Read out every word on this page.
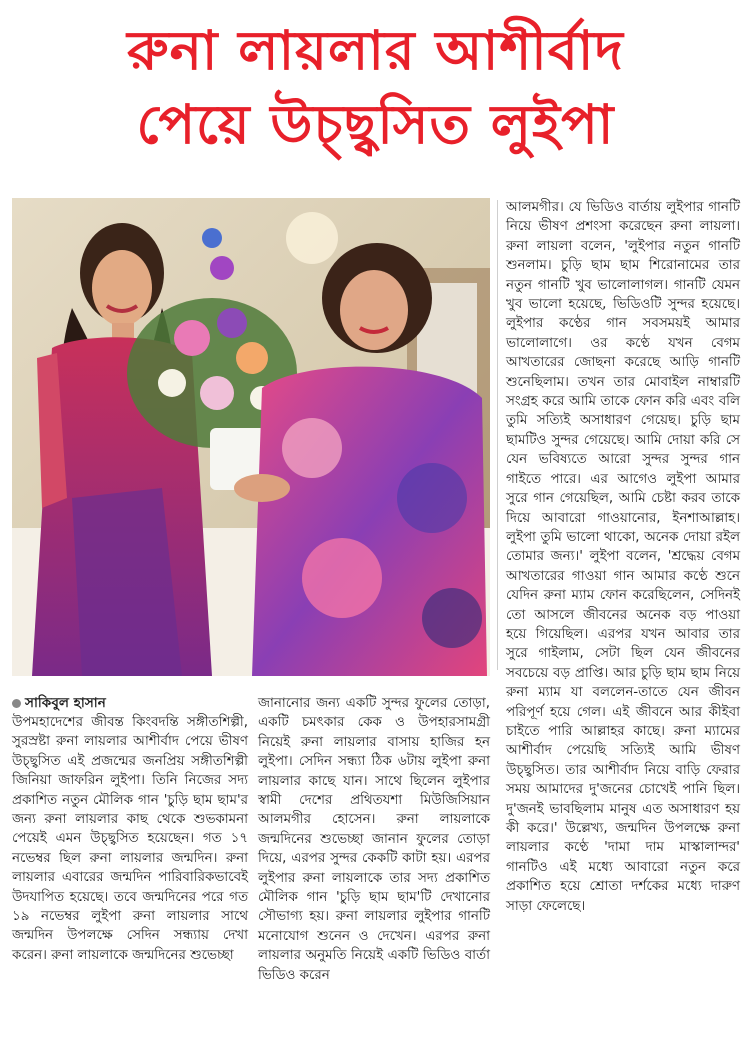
রুনা লায়লার আশীর্বাদ
পেয়ে উচ্ছ্বসিত লুইপা
সাকিবুল হাসান
উপমহাদেশের জীবন্ত কিংবদন্তি সঙ্গীতশিল্পী, সুরস্রষ্টা রুনা লায়লার আশীর্বাদ পেয়ে ভীষণ উচ্ছ্বসিত এই প্রজন্মের জনপ্রিয় সঙ্গীতশিল্পী জিনিয়া জাফরিন লুইপা। তিনি নিজের সদ্য প্রকাশিত নতুন মৌলিক গান 'চুড়ি ছাম ছাম'র জন্য রুনা লায়লার কাছ থেকে শুভকামনা পেয়েই এমন উচ্ছ্বসিত হয়েছেন। গত ১৭ নভেম্বর ছিল রুনা লায়লার জন্মদিন। রুনা লায়লার এবারের জন্মদিন পারিবারিকভাবেই উদযাপিত হয়েছে। তবে জন্মদিনের পরে গত ১৯ নভেম্বর লুইপা রুনা লায়লার সাথে জন্মদিন উপলক্ষে সেদিন সন্ধ্যায় দেখা করেন। রুনা লায়লাকে জন্মদিনের শুভেচ্ছা
জানানোর জন্য একটি সুন্দর ফুলের তোড়া, একটি চমৎকার কেক ও উপহারসামগ্রী নিয়েই রুনা লায়লার বাসায় হাজির হন লুইপা। সেদিন সন্ধ্যা ঠিক ৬টায় লুইপা রুনা লায়লার কাছে যান। সাথে ছিলেন লুইপার স্বামী দেশের প্রথিতযশা মিউজিসিয়ান আলমগীর হোসেন। রুনা লায়লাকে জন্মদিনের শুভেচ্ছা জানান ফুলের তোড়া দিয়ে, এরপর সুন্দর কেকটি কাটা হয়। এরপর লুইপার রুনা লায়লাকে তার সদ্য প্রকাশিত মৌলিক গান 'চুড়ি ছাম ছাম'টি দেখানোর সৌভাগ্য হয়। রুনা লায়লার লুইপার গানটি মনোযোগ শুনেন ও দেখেন। এরপর রুনা লায়লার অনুমতি নিয়েই একটি ভিডিও বার্তা ভিডিও করেন
আলমগীর। যে ভিডিও বার্তায় লুইপার গানটি নিয়ে ভীষণ প্রশংসা করেছেন রুনা লায়লা। রুনা লায়লা বলেন, 'লুইপার নতুন গানটি শুনলাম। চুড়ি ছাম ছাম শিরোনামের তার নতুন গানটি খুব ভালোলাগল। গানটি যেমন খুব ভালো হয়েছে, ভিডিওটি সুন্দর হয়েছে। লুইপার কণ্ঠের গান সবসময়ই আমার ভালোলাগে। ওর কণ্ঠে যখন বেগম আখতারের জোছনা করেছে আড়ি গানটি শুনেছিলাম। তখন তার মোবাইল নাম্বারটি সংগ্রহ করে আমি তাকে ফোন করি এবং বলি তুমি সত্যিই অসাধারণ গেয়েছ। চুড়ি ছাম ছামটিও সুন্দর গেয়েছে। আমি দোয়া করি সে যেন ভবিষ্যতে আরো সুন্দর সুন্দর গান গাইতে পারে। এর আগেও লুইপা আমার সুরে গান গেয়েছিল, আমি চেষ্টা করব তাকে দিয়ে আবারো গাওয়ানোর, ইনশাআল্লাহ। লুইপা তুমি ভালো থাকো, অনেক দোয়া রইল তোমার জন্য।' লুইপা বলেন, 'শ্রদ্ধেয় বেগম আখতারের গাওয়া গান আমার কণ্ঠে শুনে যেদিন রুনা ম্যাম ফোন করেছিলেন, সেদিনই তো আসলে জীবনের অনেক বড় পাওয়া হয়ে গিয়েছিল। এরপর যখন আবার তার সুরে গাইলাম, সেটা ছিল যেন জীবনের সবচেয়ে বড় প্রাপ্তি। আর চুড়ি ছাম ছাম নিয়ে রুনা ম্যাম যা বললেন-তাতে যেন জীবন পরিপূর্ণ হয়ে গেল। এই জীবনে আর কীইবা চাইতে পারি আল্লাহর কাছে। রুনা ম্যামের আশীর্বাদ পেয়েছি সত্যিই আমি ভীষণ উচ্ছ্বসিত। তার আশীর্বাদ নিয়ে বাড়ি ফেরার সময় আমাদের দু'জনের চোখেই পানি ছিল। দু'জনই ভাবছিলাম মানুষ এত অসাধারণ হয় কী করে।' উল্লেখ্য, জন্মদিন উপলক্ষে রুনা লায়লার কণ্ঠে 'দামা দাম মাস্কালান্দর' গানটিও এই মধ্যে আবারো নতুন করে প্রকাশিত হয়ে শ্রোতা দর্শকের মধ্যে দারুণ সাড়া ফেলেছে।
